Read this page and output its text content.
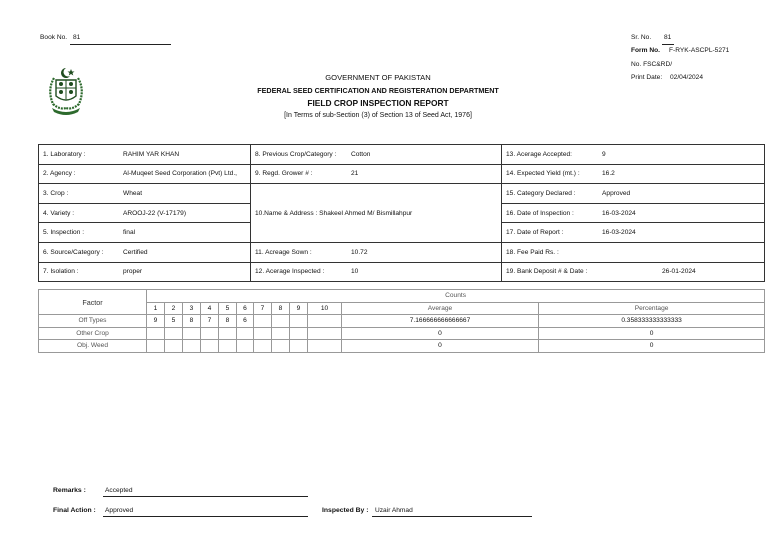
Book No. 81	Sr. No. 81
Form No. F-RYK-ASCPL-5271
No. FSC&RD/
Print Date: 02/04/2024
GOVERNMENT OF PAKISTAN
FEDERAL SEED CERTIFICATION AND REGISTERATION DEPARTMENT
FIELD CROP INSPECTION REPORT
[In Terms of sub-Section (3) of Section 13 of Seed Act, 1976]
1. Laboratory : RAHIM YAR KHAN	8. Previous Crop/Category : Cotton	13. Acerage Accepted: 9
2. Agency : Al-Muqeet Seed Corporation (Pvt) Ltd.,	9. Regd. Grower # : 21	14. Expected Yield (mt.) : 16.2
3. Crop : Wheat	10.Name & Address : Shakeel Ahmed M/ Bismillahpur	15. Category Declared : Approved
4. Variety : AROOJ-22 (V-17179)		16. Date of Inspection : 16-03-2024
5. Inspection : final		17. Date of Report : 16-03-2024
6. Source/Category : Certified	11. Acreage Sown : 10.72	18. Fee Paid Rs. :
7. Isolation : proper	12. Acerage Inspected : 10	19. Bank Deposit # & Date : 26-01-2024
Factor	Counts											
	1	2	3	4	5	6	7	8	9	10	Average	Percentage
Off Types	9	5	8	7	8	6					7.166666666666667	0.358333333333333
Other Crop											0	0
Obj. Weed											0	0
Remarks :	Accepted
Final Action : Approved	Inspected By : Uzair Ahmad
